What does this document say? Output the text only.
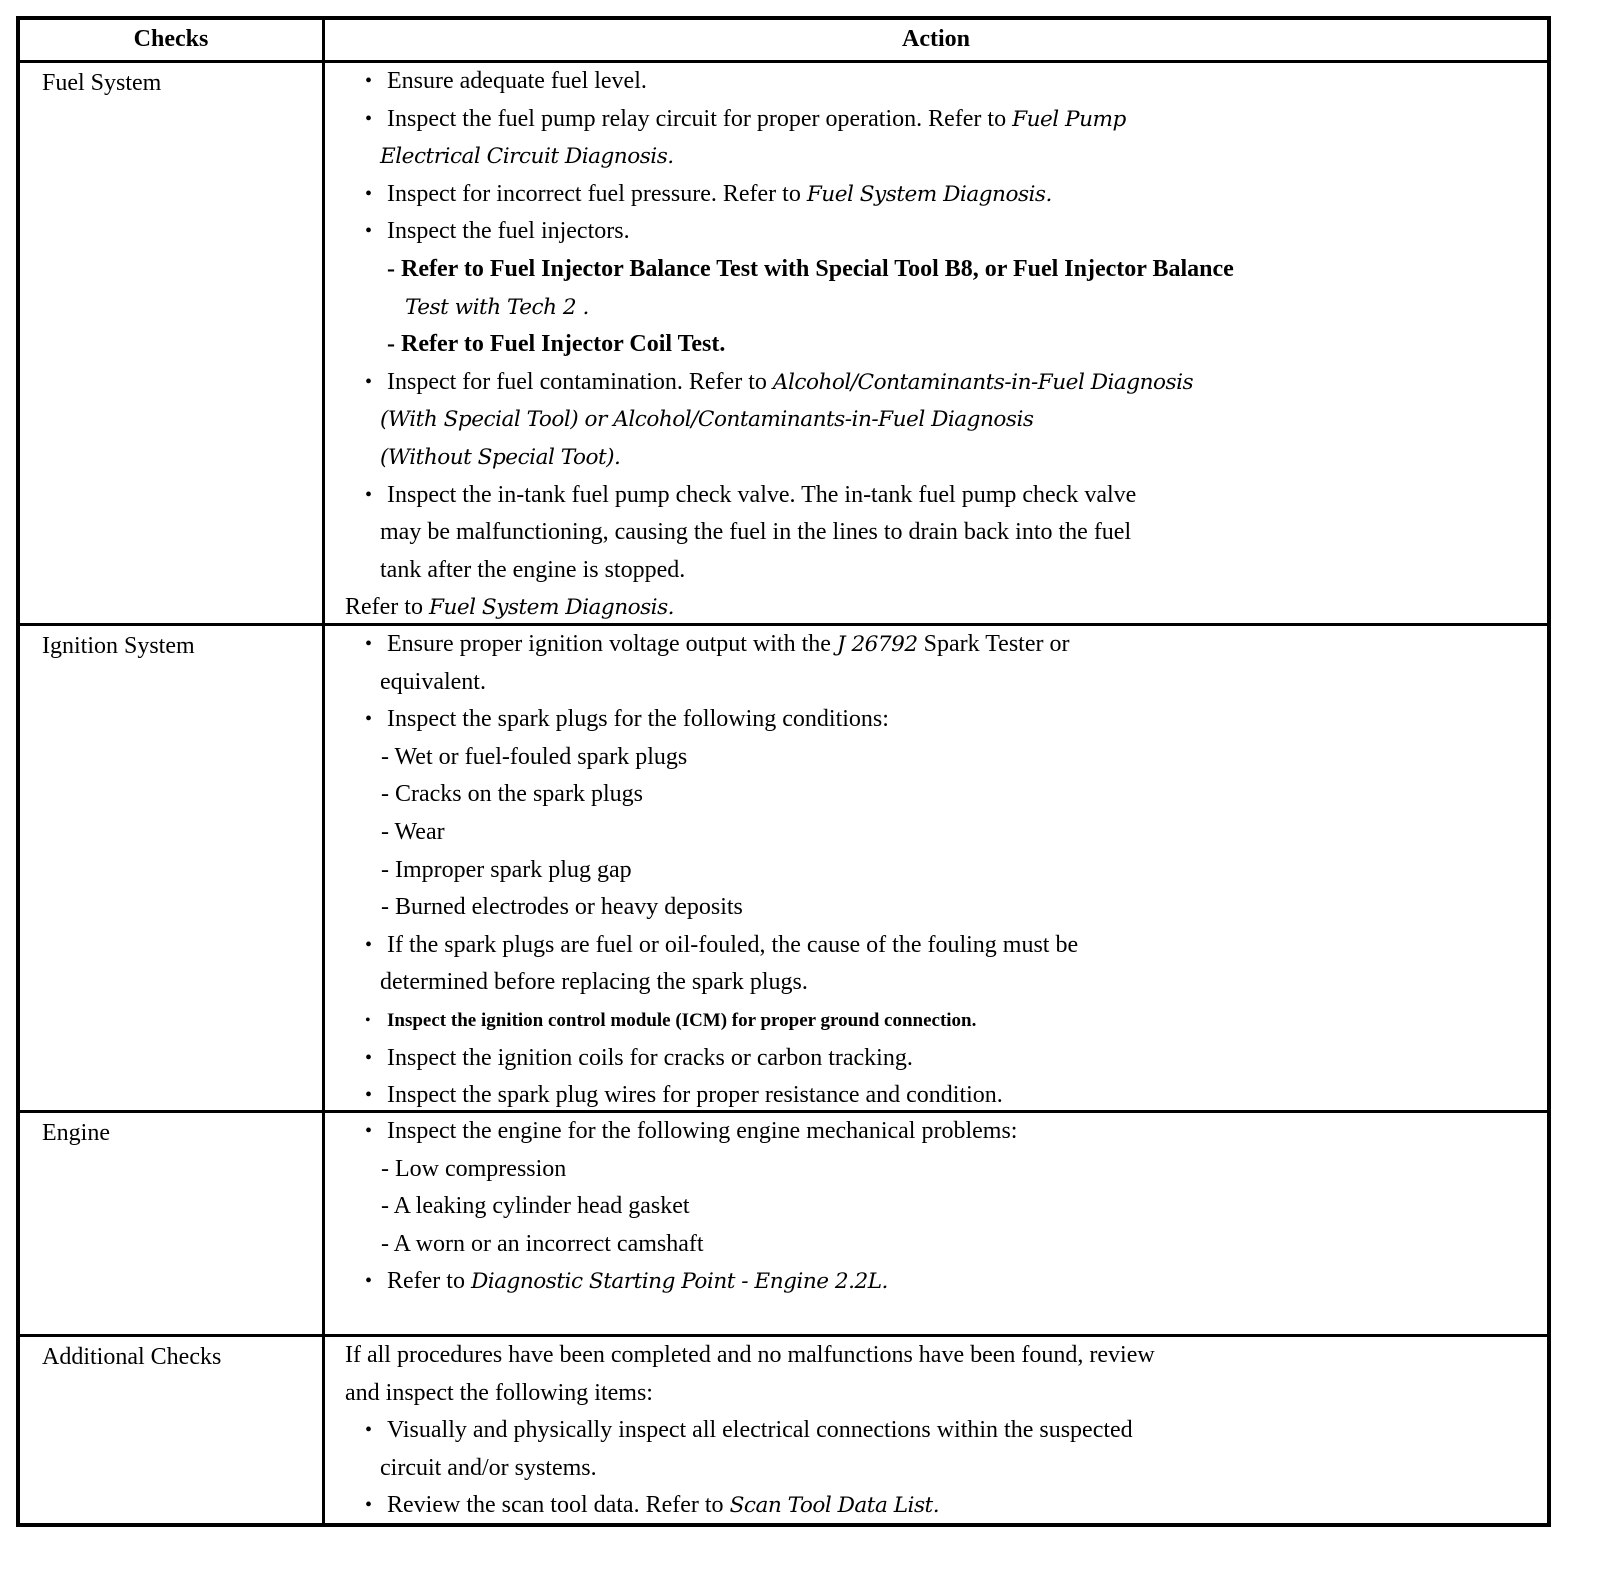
Checks	Action
Fuel System	• Ensure adequate fuel level.
• Inspect the fuel pump relay circuit for proper operation. Refer to Fuel Pump
Electrical Circuit Diagnosis.
• Inspect for incorrect fuel pressure. Refer to Fuel System Diagnosis.
• Inspect the fuel injectors.
- Refer to Fuel Injector Balance Test with Special Tool B8, or Fuel Injector Balance
Test with Tech 2 .
- Refer to Fuel Injector Coil Test.
• Inspect for fuel contamination. Refer to Alcohol/Contaminants-in-Fuel Diagnosis
(With Special Tool) or Alcohol/Contaminants-in-Fuel Diagnosis
(Without Special Toot).
• Inspect the in-tank fuel pump check valve. The in-tank fuel pump check valve
may be malfunctioning, causing the fuel in the lines to drain back into the fuel
tank after the engine is stopped.
Refer to Fuel System Diagnosis.
Ignition System	• Ensure proper ignition voltage output with the J 26792 Spark Tester or
equivalent.
• Inspect the spark plugs for the following conditions:
- Wet or fuel-fouled spark plugs
- Cracks on the spark plugs
- Wear
- Improper spark plug gap
- Burned electrodes or heavy deposits
• If the spark plugs are fuel or oil-fouled, the cause of the fouling must be
determined before replacing the spark plugs.
• Inspect the ignition control module (ICM) for proper ground connection.
• Inspect the ignition coils for cracks or carbon tracking.
• Inspect the spark plug wires for proper resistance and condition.
Engine	• Inspect the engine for the following engine mechanical problems:
- Low compression
- A leaking cylinder head gasket
- A worn or an incorrect camshaft
• Refer to Diagnostic Starting Point - Engine 2.2L.
Additional Checks	If all procedures have been completed and no malfunctions have been found, review
and inspect the following items:
• Visually and physically inspect all electrical connections within the suspected
circuit and/or systems.
• Review the scan tool data. Refer to Scan Tool Data List.
